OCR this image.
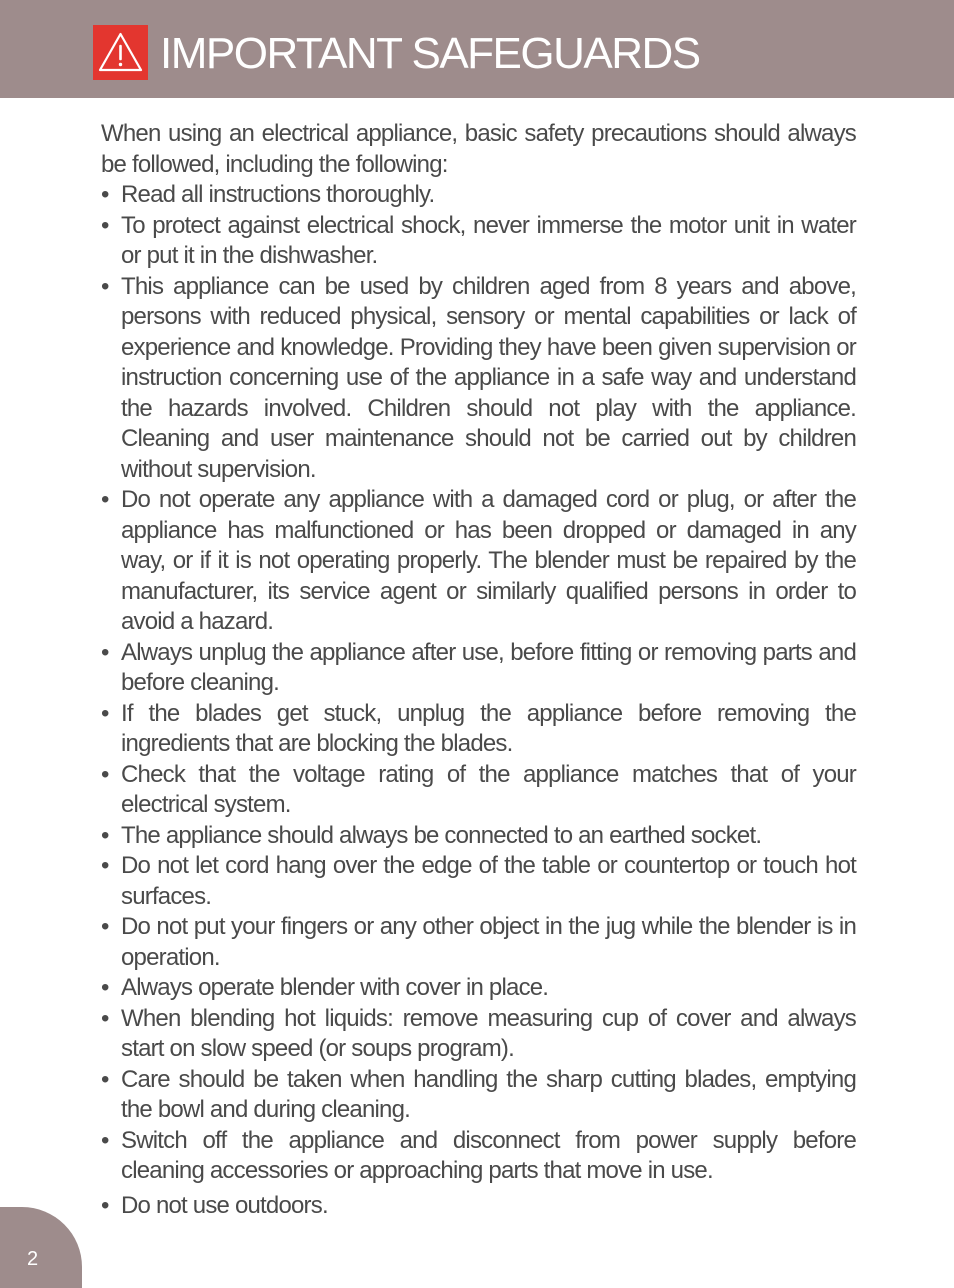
IMPORTANT SAFEGUARDS

When using an electrical appliance, basic safety precautions should always be followed, including the following:

• Read all instructions thoroughly.
• To protect against electrical shock, never immerse the motor unit in water or put it in the dishwasher.
• This appliance can be used by children aged from 8 years and above, persons with reduced physical, sensory or mental capabilities or lack of experience and knowledge. Providing they have been given supervision or instruction concerning use of the appliance in a safe way and understand the hazards involved. Children should not play with the appliance. Cleaning and user maintenance should not be carried out by children without supervision.
• Do not operate any appliance with a damaged cord or plug, or after the appliance has malfunctioned or has been dropped or damaged in any way, or if it is not operating properly. The blender must be repaired by the manufacturer, its service agent or similarly qualified persons in order to avoid a hazard.
• Always unplug the appliance after use, before fitting or removing parts and before cleaning.
• If the blades get stuck, unplug the appliance before removing the ingredients that are blocking the blades.
• Check that the voltage rating of the appliance matches that of your electrical system.
• The appliance should always be connected to an earthed socket.
• Do not let cord hang over the edge of the table or countertop or touch hot surfaces.
• Do not put your fingers or any other object in the jug while the blender is in operation.
• Always operate blender with cover in place.
• When blending hot liquids: remove measuring cup of cover and always start on slow speed (or soups program).
• Care should be taken when handling the sharp cutting blades, emptying the bowl and during cleaning.
• Switch off the appliance and disconnect from power supply before cleaning accessories or approaching parts that move in use.
• Do not use outdoors.
2
